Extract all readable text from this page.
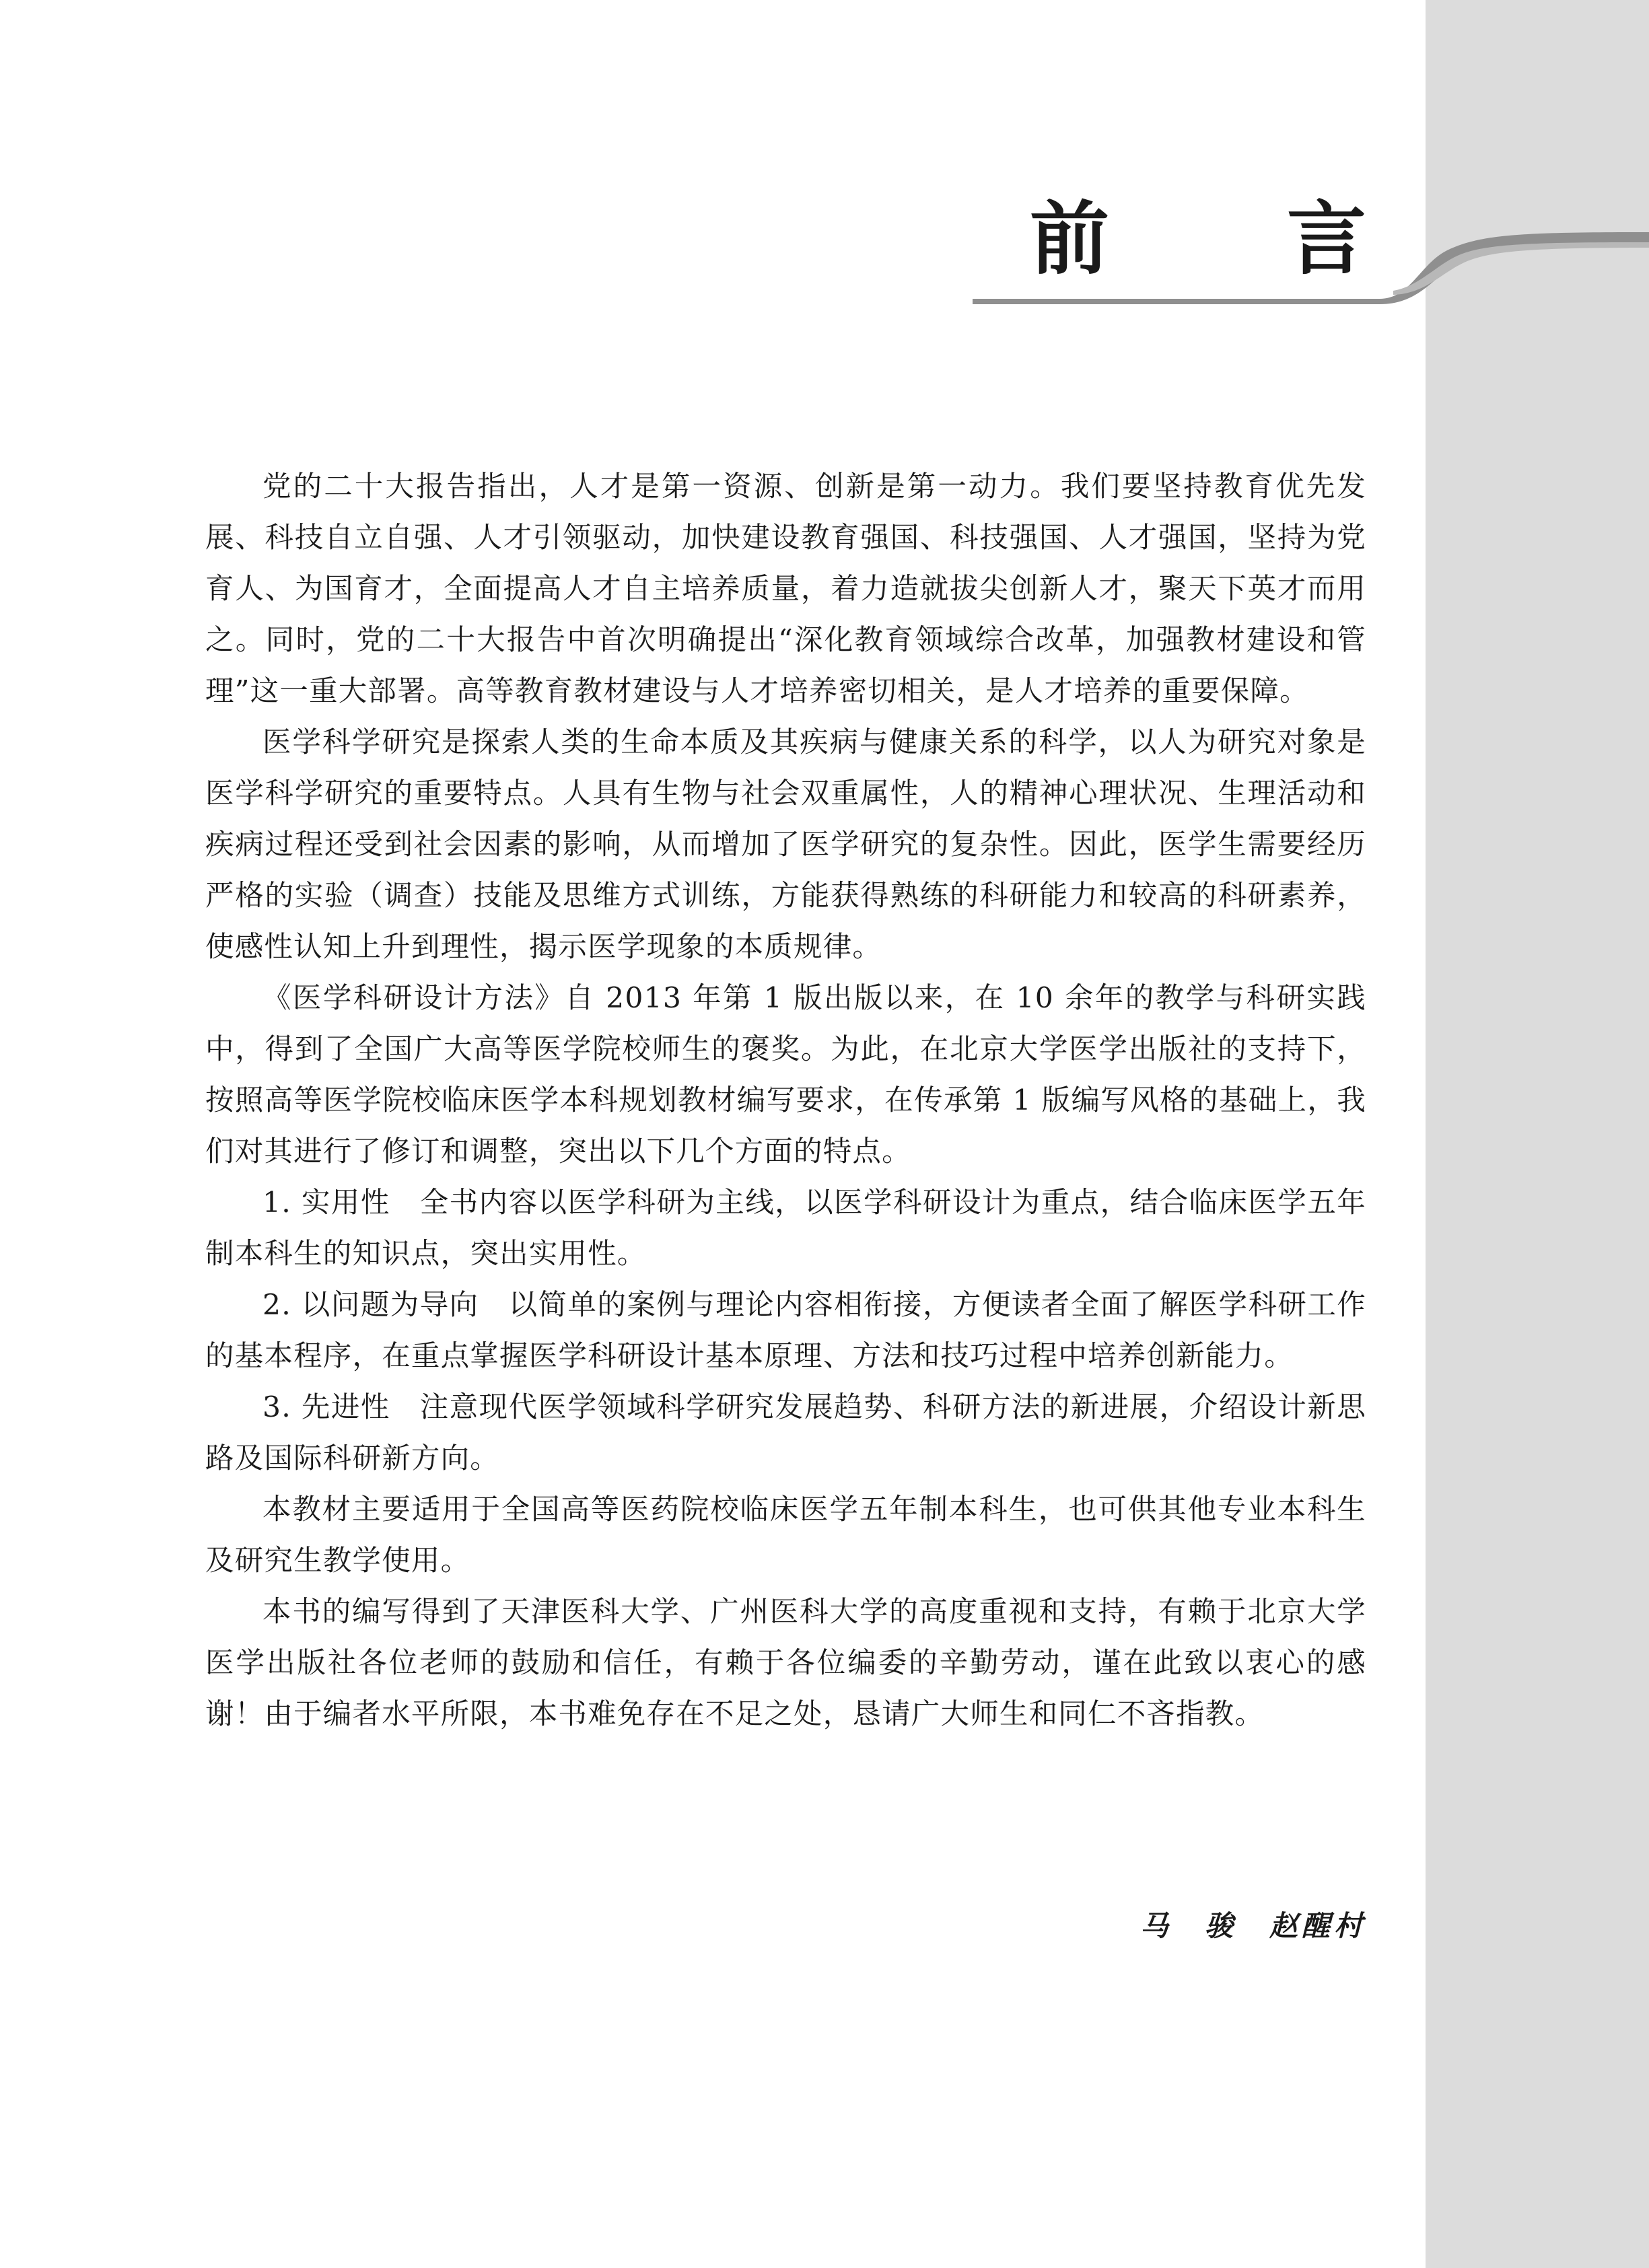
前 言

党的二十大报告指出，人才是第一资源、创新是第一动力。我们要坚持教育优先发展、科技自立自强、人才引领驱动，加快建设教育强国、科技强国、人才强国，坚持为党育人、为国育才，全面提高人才自主培养质量，着力造就拔尖创新人才，聚天下英才而用之。同时，党的二十大报告中首次明确提出“深化教育领域综合改革，加强教材建设和管理”这一重大部署。高等教育教材建设与人才培养密切相关，是人才培养的重要保障。

医学科学研究是探索人类的生命本质及其疾病与健康关系的科学，以人为研究对象是医学科学研究的重要特点。人具有生物与社会双重属性，人的精神心理状况、生理活动和疾病过程还受到社会因素的影响，从而增加了医学研究的复杂性。因此，医学生需要经历严格的实验（调查）技能及思维方式训练，方能获得熟练的科研能力和较高的科研素养，使感性认知上升到理性，揭示医学现象的本质规律。

《医学科研设计方法》自 2013 年第 1 版出版以来，在 10 余年的教学与科研实践中，得到了全国广大高等医学院校师生的褒奖。为此，在北京大学医学出版社的支持下，按照高等医学院校临床医学本科规划教材编写要求，在传承第 1 版编写风格的基础上，我们对其进行了修订和调整，突出以下几个方面的特点。

1. 实用性　全书内容以医学科研为主线，以医学科研设计为重点，结合临床医学五年制本科生的知识点，突出实用性。

2. 以问题为导向　以简单的案例与理论内容相衔接，方便读者全面了解医学科研工作的基本程序，在重点掌握医学科研设计基本原理、方法和技巧过程中培养创新能力。

3. 先进性　注意现代医学领域科学研究发展趋势、科研方法的新进展，介绍设计新思路及国际科研新方向。

本教材主要适用于全国高等医药院校临床医学五年制本科生，也可供其他专业本科生及研究生教学使用。

本书的编写得到了天津医科大学、广州医科大学的高度重视和支持，有赖于北京大学医学出版社各位老师的鼓励和信任，有赖于各位编委的辛勤劳动，谨在此致以衷心的感谢！由于编者水平所限，本书难免存在不足之处，恳请广大师生和同仁不吝指教。

马　骏　赵醒村
